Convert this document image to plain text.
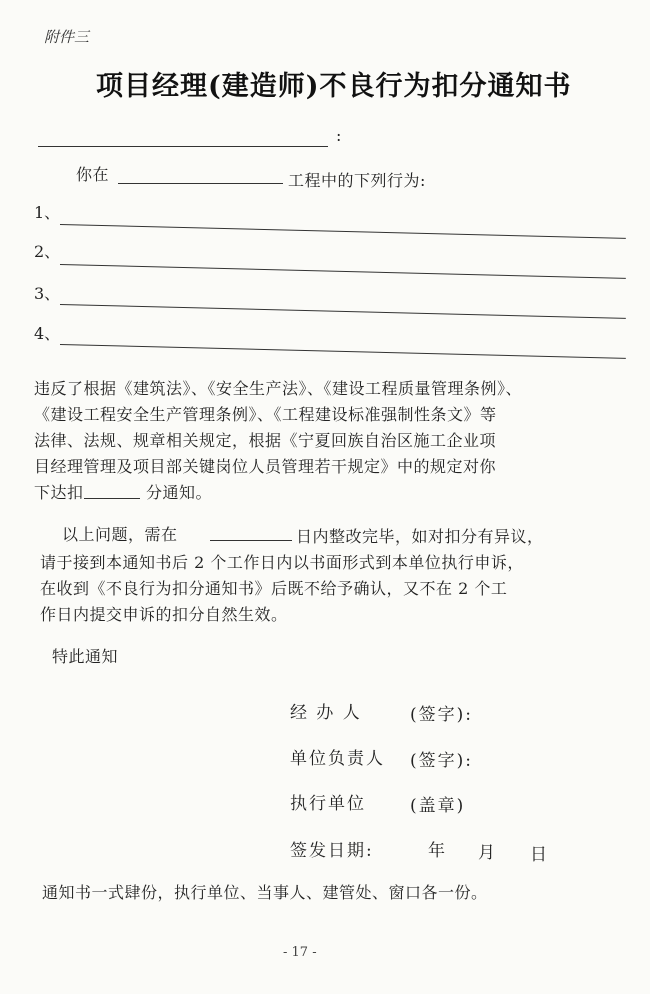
附件三
项目经理(建造师)不良行为扣分通知书
:
你在	工程中的下列行为:
1、
2、
3、
4、
违反了根据《建筑法》、《安全生产法》、《建设工程质量管理条例》、
《建设工程安全生产管理条例》、《工程建设标准强制性条文》等
法律、法规、规章相关规定，根据《宁夏回族自治区施工企业项
目经理管理及项目部关键岗位人员管理若干规定》中的规定对你
下达扣	分通知。
以上问题，需在	日内整改完毕，如对扣分有异议，
请于接到本通知书后 2 个工作日内以书面形式到本单位执行申诉，
在收到《不良行为扣分通知书》后既不给予确认，又不在 2 个工
作日内提交申诉的扣分自然生效。
特此通知
经 办 人	(签字):
单位负责人 (签字):
执行单位	(盖章)
签发日期:	年 月 日
通知书一式肆份，执行单位、当事人、建管处、窗口各一份。
- 17 -
